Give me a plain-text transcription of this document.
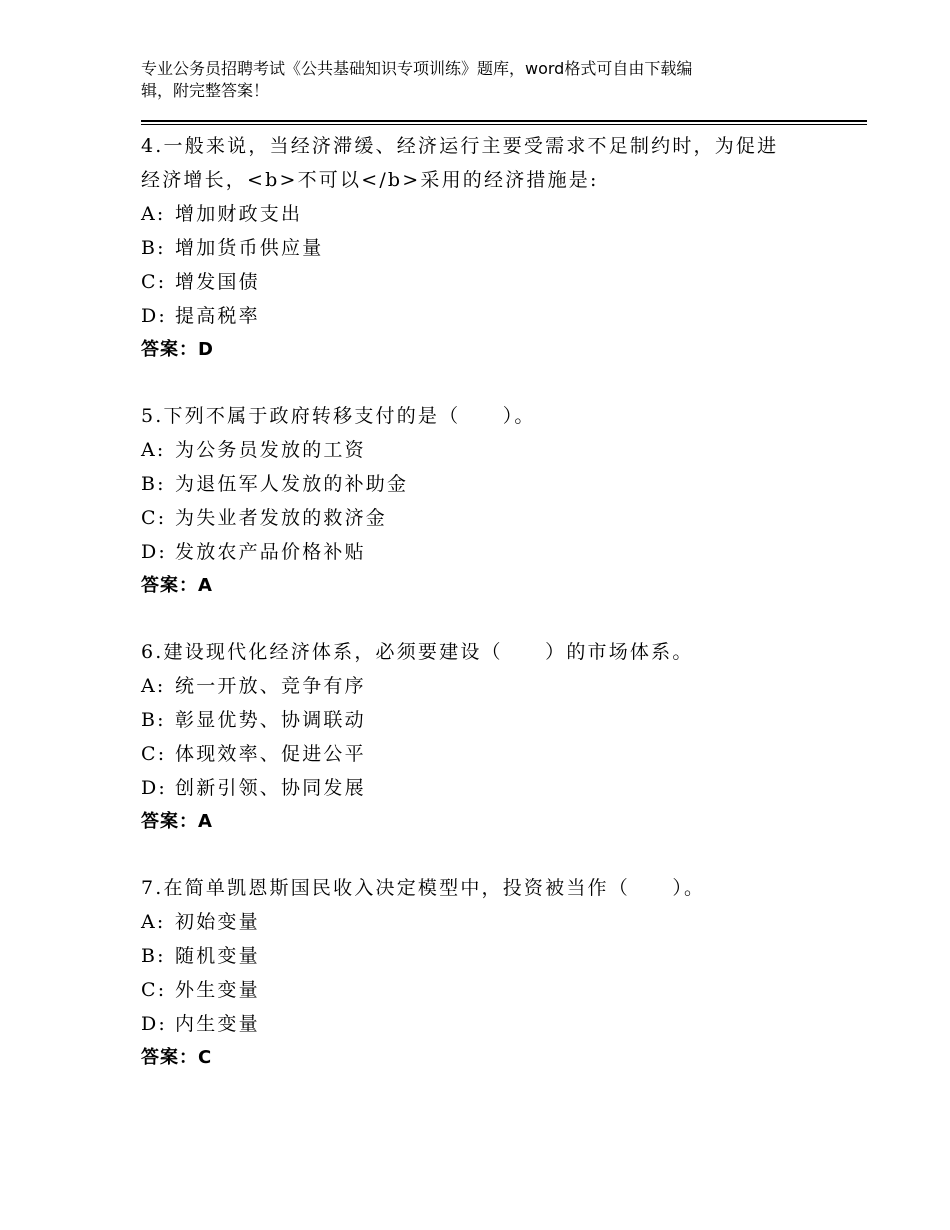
专业公务员招聘考试《公共基础知识专项训练》题库，word格式可自由下载编
辑，附完整答案！
4.一般来说，当经济滞缓、经济运行主要受需求不足制约时，为促进
经济增长，<b>不可以</b>采用的经济措施是:
A: 增加财政支出
B: 增加货币供应量
C: 增发国债
D: 提高税率
答案：D
5.下列不属于政府转移支付的是（　　）。
A: 为公务员发放的工资
B: 为退伍军人发放的补助金
C: 为失业者发放的救济金
D: 发放农产品价格补贴
答案：A
6.建设现代化经济体系，必须要建设（　　）的市场体系。
A: 统一开放、竞争有序
B: 彰显优势、协调联动
C: 体现效率、促进公平
D: 创新引领、协同发展
答案：A
7.在简单凯恩斯国民收入决定模型中，投资被当作（　　）。
A: 初始变量
B: 随机变量
C: 外生变量
D: 内生变量
答案：C
